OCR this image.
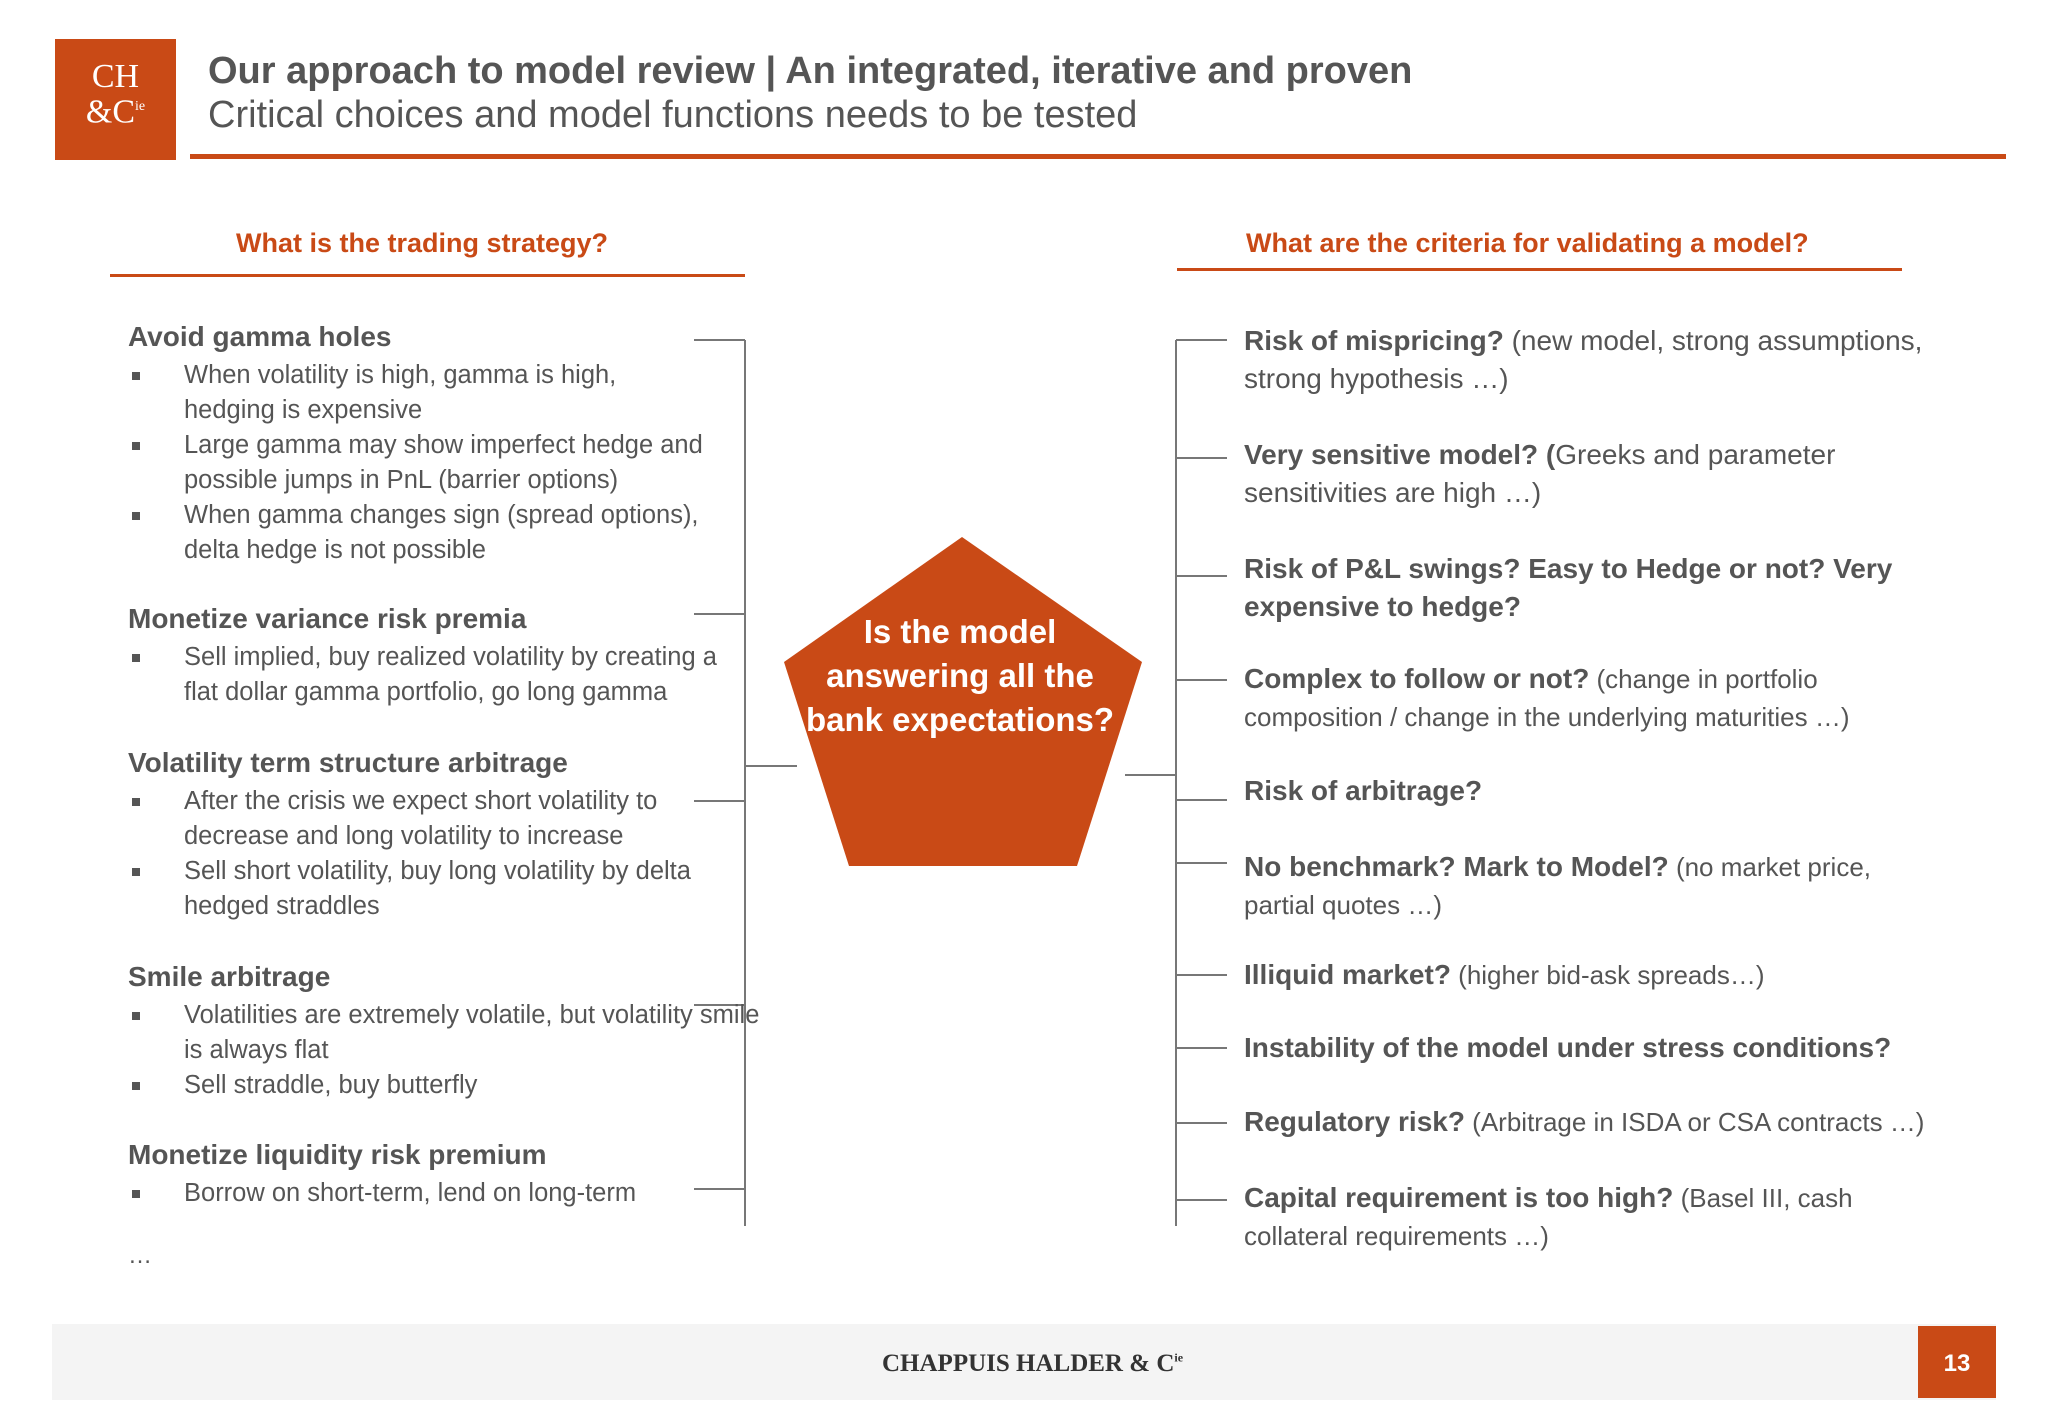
CH
$\&C^{ie}$
Our approach to model review | An integrated, iterative and proven
Critical choices and model functions needs to be tested
What is the trading strategy?	What are the criteria for validating a model?
Is the model answering all the bank expectations?
Avoid gamma holes
When volatility is high, gamma is high, hedging is expensive
Large gamma may show imperfect hedge and possible jumps in PnL (barrier options)
When gamma changes sign (spread options), delta hedge is not possible
Monetize variance risk premia
Sell implied, buy realized volatility by creating a flat dollar gamma portfolio, go long gamma
Volatility term structure arbitrage
After the crisis we expect short volatility to decrease and long volatility to increase
Sell short volatility, buy long volatility by delta hedged straddles
Smile arbitrage
Volatilities are extremely volatile, but volatility smile is always flat
Sell straddle, buy butterfly
Monetize liquidity risk premium
Borrow on short-term, lend on long-term
…
Risk of mispricing? (new model, strong assumptions, strong hypothesis …)
Very sensitive model? (Greeks and parameter sensitivities are high …)
Risk of P&L swings? Easy to Hedge or not? Very expensive to hedge?
Complex to follow or not? (change in portfolio composition / change in the underlying maturities …)
Risk of arbitrage?
No benchmark? Mark to Model? (no market price, partial quotes …)
Illiquid market? (higher bid-ask spreads…)
Instability of the model under stress conditions?
Regulatory risk? (Arbitrage in ISDA or CSA contracts …)
Capital requirement is too high? (Basel III, cash collateral requirements …)
CHAPPUIS HALDER & $C^{ie}$	13
